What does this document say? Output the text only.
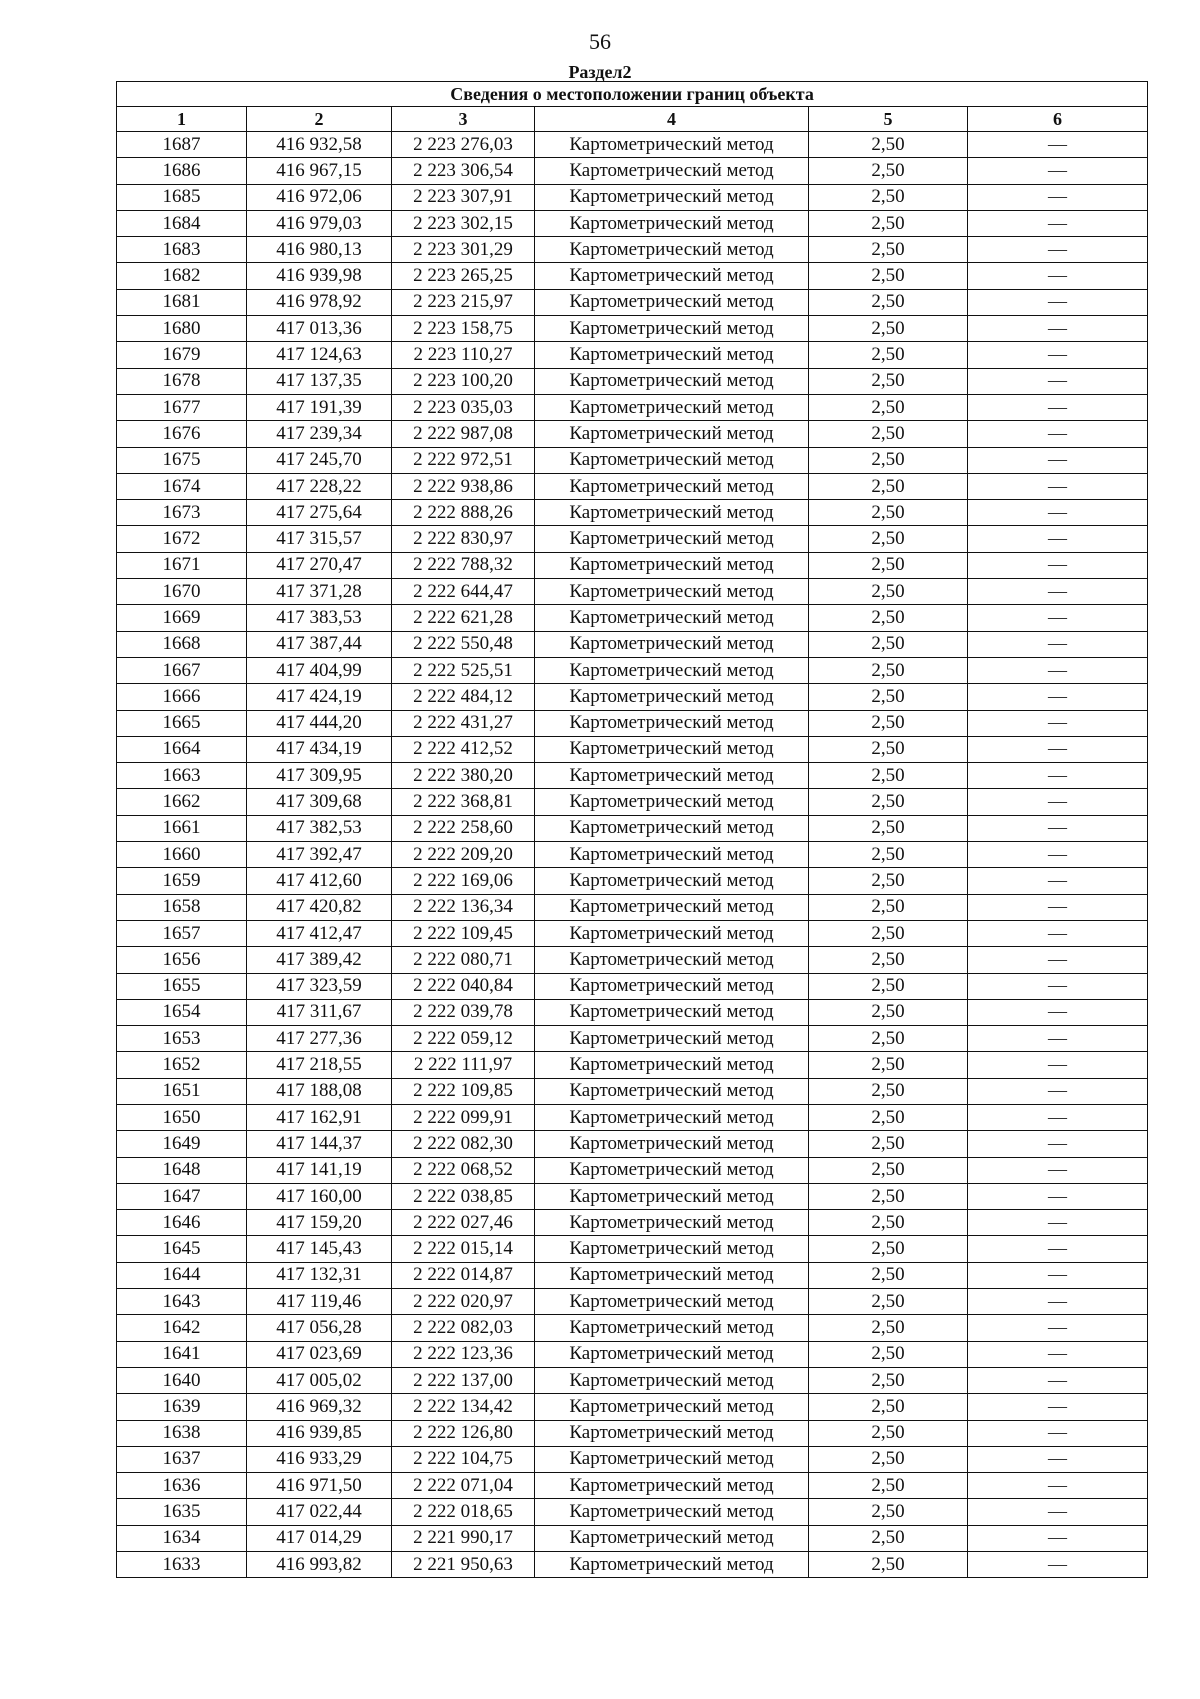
56
Раздел2
Сведения о местоположении границ объекта					
1	2	3	4	5	6
1687	416 932,58	2 223 276,03	Картометрический метод	2,50	—
1686	416 967,15	2 223 306,54	Картометрический метод	2,50	—
1685	416 972,06	2 223 307,91	Картометрический метод	2,50	—
1684	416 979,03	2 223 302,15	Картометрический метод	2,50	—
1683	416 980,13	2 223 301,29	Картометрический метод	2,50	—
1682	416 939,98	2 223 265,25	Картометрический метод	2,50	—
1681	416 978,92	2 223 215,97	Картометрический метод	2,50	—
1680	417 013,36	2 223 158,75	Картометрический метод	2,50	—
1679	417 124,63	2 223 110,27	Картометрический метод	2,50	—
1678	417 137,35	2 223 100,20	Картометрический метод	2,50	—
1677	417 191,39	2 223 035,03	Картометрический метод	2,50	—
1676	417 239,34	2 222 987,08	Картометрический метод	2,50	—
1675	417 245,70	2 222 972,51	Картометрический метод	2,50	—
1674	417 228,22	2 222 938,86	Картометрический метод	2,50	—
1673	417 275,64	2 222 888,26	Картометрический метод	2,50	—
1672	417 315,57	2 222 830,97	Картометрический метод	2,50	—
1671	417 270,47	2 222 788,32	Картометрический метод	2,50	—
1670	417 371,28	2 222 644,47	Картометрический метод	2,50	—
1669	417 383,53	2 222 621,28	Картометрический метод	2,50	—
1668	417 387,44	2 222 550,48	Картометрический метод	2,50	—
1667	417 404,99	2 222 525,51	Картометрический метод	2,50	—
1666	417 424,19	2 222 484,12	Картометрический метод	2,50	—
1665	417 444,20	2 222 431,27	Картометрический метод	2,50	—
1664	417 434,19	2 222 412,52	Картометрический метод	2,50	—
1663	417 309,95	2 222 380,20	Картометрический метод	2,50	—
1662	417 309,68	2 222 368,81	Картометрический метод	2,50	—
1661	417 382,53	2 222 258,60	Картометрический метод	2,50	—
1660	417 392,47	2 222 209,20	Картометрический метод	2,50	—
1659	417 412,60	2 222 169,06	Картометрический метод	2,50	—
1658	417 420,82	2 222 136,34	Картометрический метод	2,50	—
1657	417 412,47	2 222 109,45	Картометрический метод	2,50	—
1656	417 389,42	2 222 080,71	Картометрический метод	2,50	—
1655	417 323,59	2 222 040,84	Картометрический метод	2,50	—
1654	417 311,67	2 222 039,78	Картометрический метод	2,50	—
1653	417 277,36	2 222 059,12	Картометрический метод	2,50	—
1652	417 218,55	2 222 111,97	Картометрический метод	2,50	—
1651	417 188,08	2 222 109,85	Картометрический метод	2,50	—
1650	417 162,91	2 222 099,91	Картометрический метод	2,50	—
1649	417 144,37	2 222 082,30	Картометрический метод	2,50	—
1648	417 141,19	2 222 068,52	Картометрический метод	2,50	—
1647	417 160,00	2 222 038,85	Картометрический метод	2,50	—
1646	417 159,20	2 222 027,46	Картометрический метод	2,50	—
1645	417 145,43	2 222 015,14	Картометрический метод	2,50	—
1644	417 132,31	2 222 014,87	Картометрический метод	2,50	—
1643	417 119,46	2 222 020,97	Картометрический метод	2,50	—
1642	417 056,28	2 222 082,03	Картометрический метод	2,50	—
1641	417 023,69	2 222 123,36	Картометрический метод	2,50	—
1640	417 005,02	2 222 137,00	Картометрический метод	2,50	—
1639	416 969,32	2 222 134,42	Картометрический метод	2,50	—
1638	416 939,85	2 222 126,80	Картометрический метод	2,50	—
1637	416 933,29	2 222 104,75	Картометрический метод	2,50	—
1636	416 971,50	2 222 071,04	Картометрический метод	2,50	—
1635	417 022,44	2 222 018,65	Картометрический метод	2,50	—
1634	417 014,29	2 221 990,17	Картометрический метод	2,50	—
1633	416 993,82	2 221 950,63	Картометрический метод	2,50	—
